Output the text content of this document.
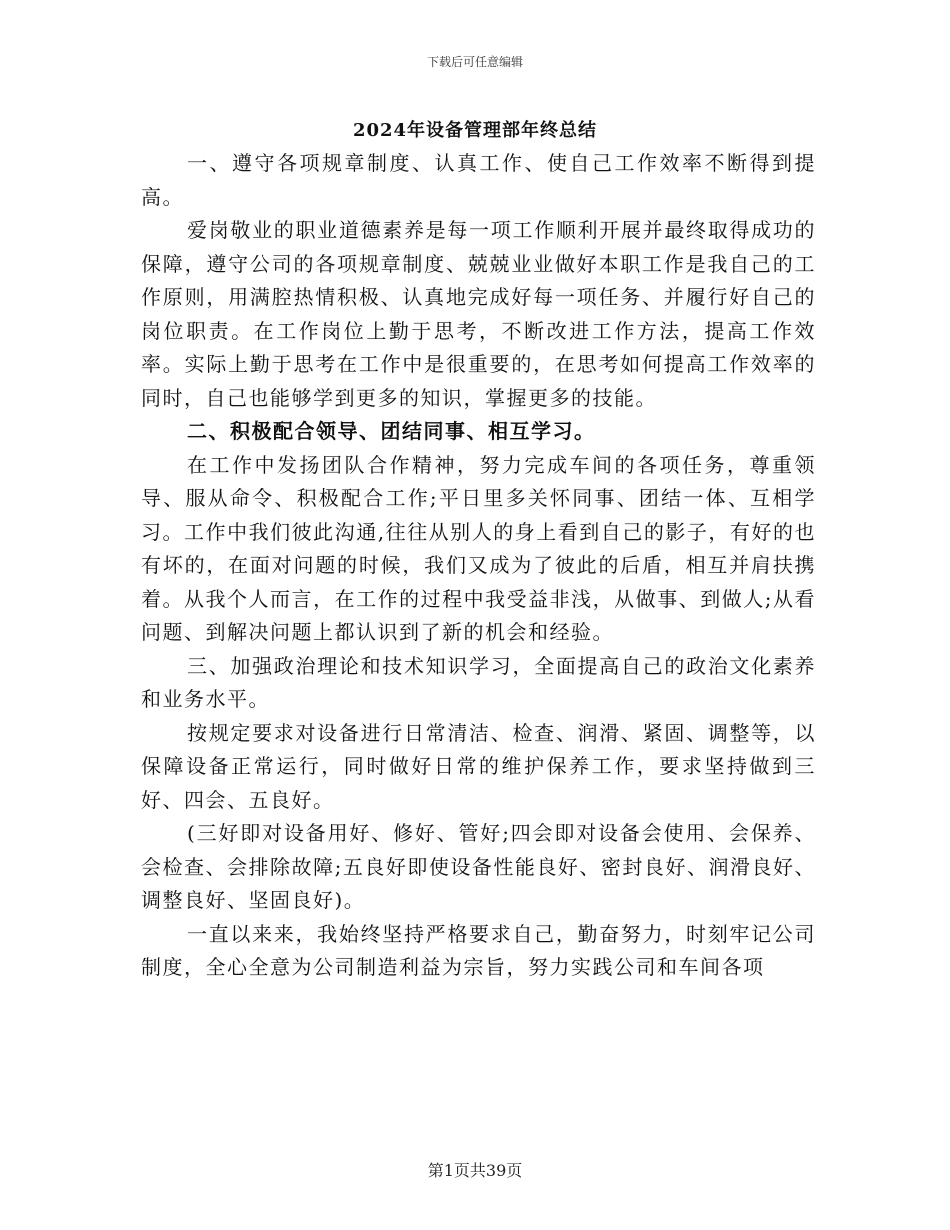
下载后可任意编辑
2024年设备管理部年终总结

一、遵守各项规章制度、认真工作、使自己工作效率不断得到提高。

爱岗敬业的职业道德素养是每一项工作顺利开展并最终取得成功的保障，遵守公司的各项规章制度、兢兢业业做好本职工作是我自己的工作原则，用满腔热情积极、认真地完成好每一项任务、并履行好自己的岗位职责。在工作岗位上勤于思考，不断改进工作方法，提高工作效率。实际上勤于思考在工作中是很重要的，在思考如何提高工作效率的同时，自己也能够学到更多的知识，掌握更多的技能。

二、积极配合领导、团结同事、相互学习。

在工作中发扬团队合作精神，努力完成车间的各项任务，尊重领导、服从命令、积极配合工作;平日里多关怀同事、团结一体、互相学习。工作中我们彼此沟通,往往从别人的身上看到自己的影子，有好的也有坏的，在面对问题的时候，我们又成为了彼此的后盾，相互并肩扶携着。从我个人而言，在工作的过程中我受益非浅，从做事、到做人;从看问题、到解决问题上都认识到了新的机会和经验。

三、加强政治理论和技术知识学习，全面提高自己的政治文化素养和业务水平。

按规定要求对设备进行日常清洁、检查、润滑、紧固、调整等，以保障设备正常运行，同时做好日常的维护保养工作，要求坚持做到三好、四会、五良好。

(三好即对设备用好、修好、管好;四会即对设备会使用、会保养、会检查、会排除故障;五良好即使设备性能良好、密封良好、润滑良好、调整良好、坚固良好)。

一直以来来，我始终坚持严格要求自己，勤奋努力，时刻牢记公司制度，全心全意为公司制造利益为宗旨，努力实践公司和车间各项

第1页共39页
